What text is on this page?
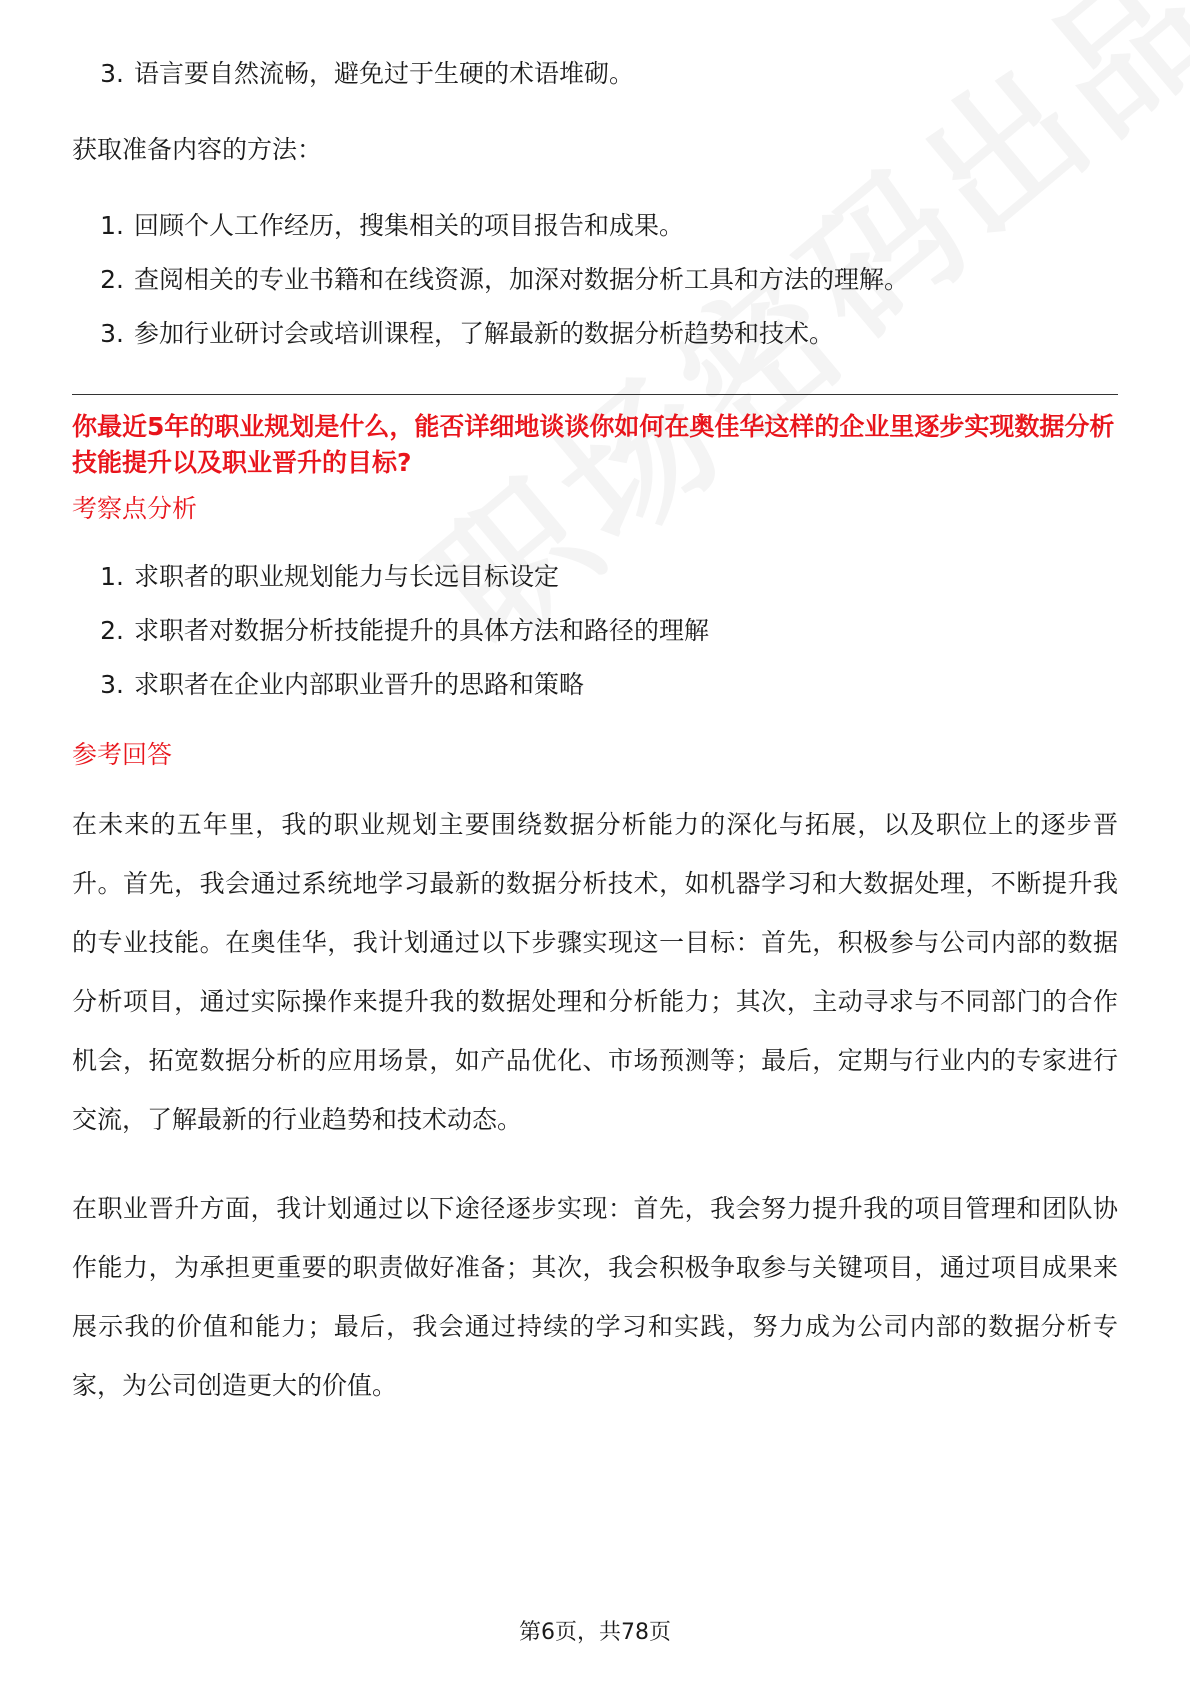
3. 语言要自然流畅，避免过于生硬的术语堆砌。
获取准备内容的方法：
1. 回顾个人工作经历，搜集相关的项目报告和成果。
2. 查阅相关的专业书籍和在线资源，加深对数据分析工具和方法的理解。
3. 参加行业研讨会或培训课程，了解最新的数据分析趋势和技术。
你最近5年的职业规划是什么，能否详细地谈谈你如何在奥佳华这样的企业里逐步实现数据分析技能提升以及职业晋升的目标?
考察点分析
1. 求职者的职业规划能力与长远目标设定
2. 求职者对数据分析技能提升的具体方法和路径的理解
3. 求职者在企业内部职业晋升的思路和策略
参考回答

在未来的五年里，我的职业规划主要围绕数据分析能力的深化与拓展，以及职位上的逐步晋升。首先，我会通过系统地学习最新的数据分析技术，如机器学习和大数据处理，不断提升我的专业技能。在奥佳华，我计划通过以下步骤实现这一目标：首先，积极参与公司内部的数据分析项目，通过实际操作来提升我的数据处理和分析能力；其次，主动寻求与不同部门的合作机会，拓宽数据分析的应用场景，如产品优化、市场预测等；最后，定期与行业内的专家进行交流，了解最新的行业趋势和技术动态。

在职业晋升方面，我计划通过以下途径逐步实现：首先，我会努力提升我的项目管理和团队协作能力，为承担更重要的职责做好准备；其次，我会积极争取参与关键项目，通过项目成果来展示我的价值和能力；最后，我会通过持续的学习和实践，努力成为公司内部的数据分析专家，为公司创造更大的价值。

第6页，共78页
